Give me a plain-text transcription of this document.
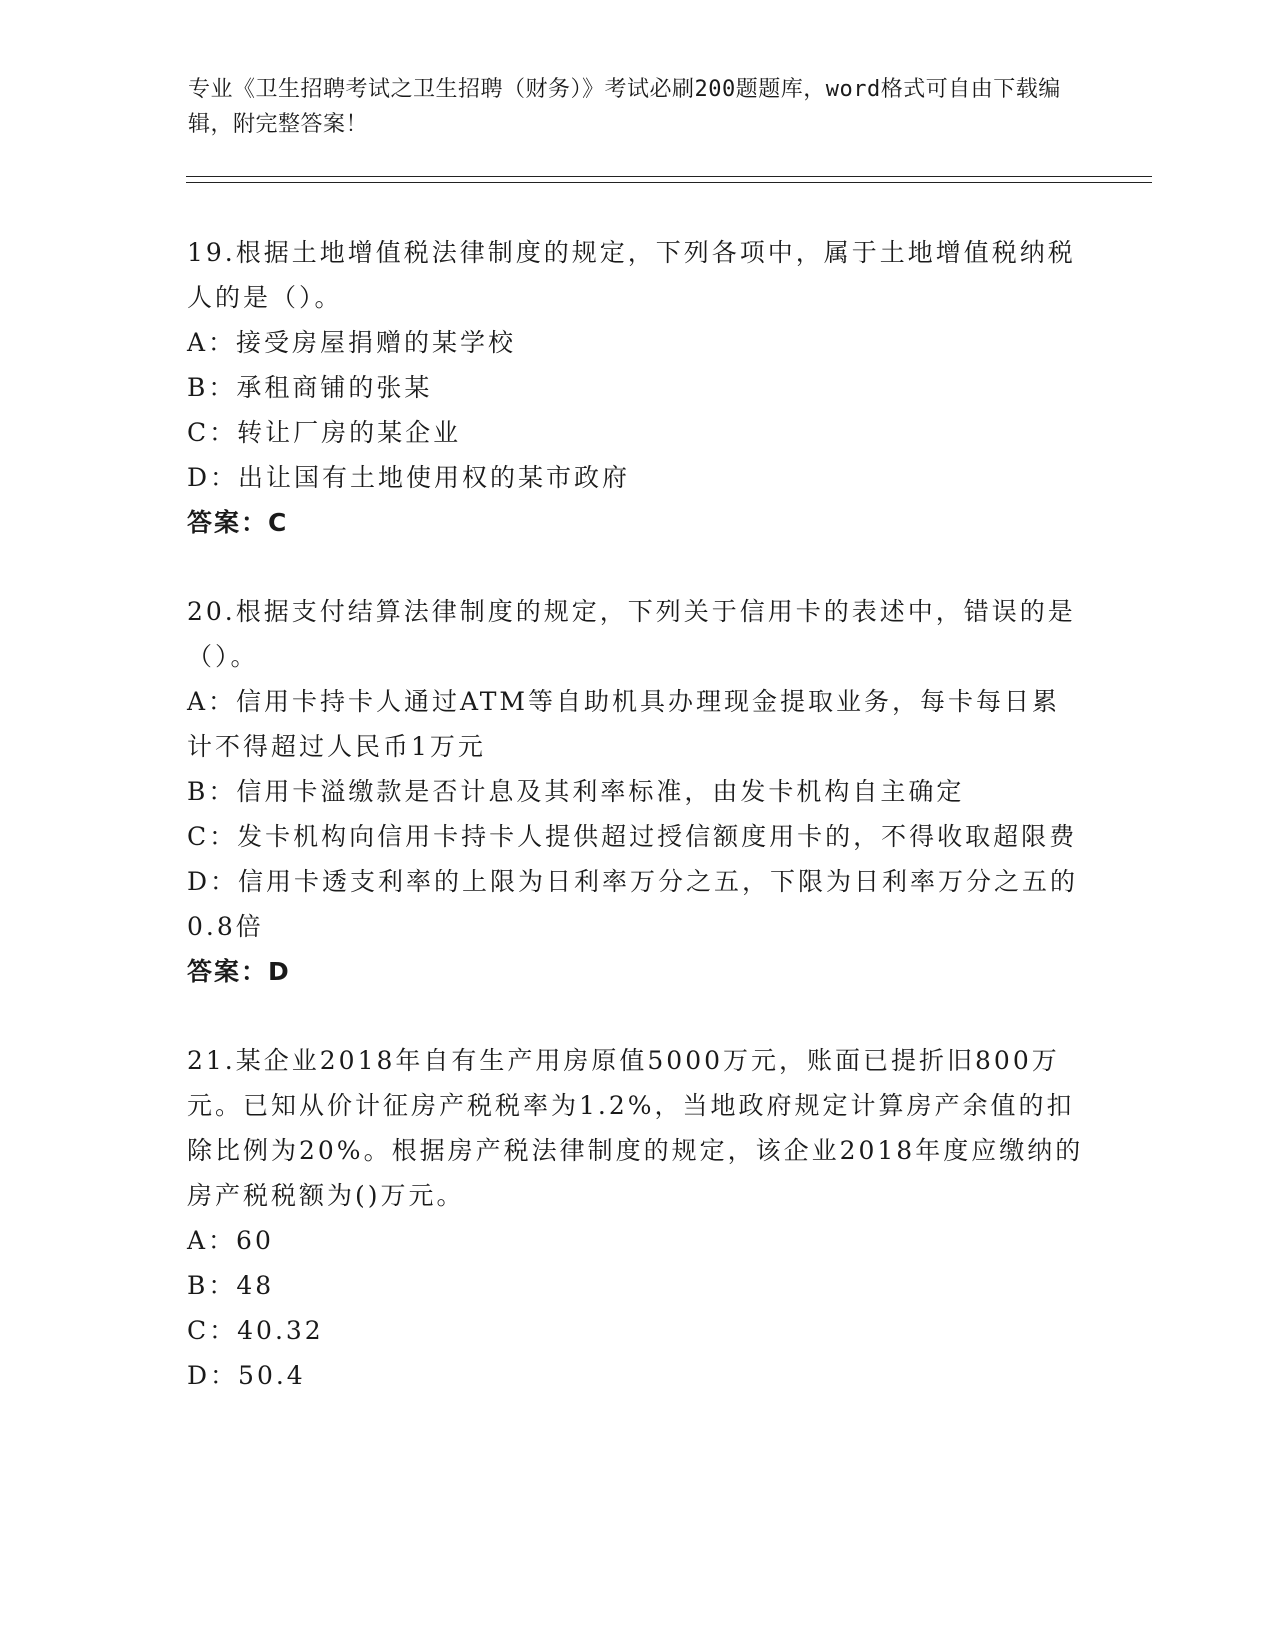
专业《卫生招聘考试之卫生招聘（财务）》考试必刷200题题库，word格式可自由下载编辑，附完整答案！

19.根据土地增值税法律制度的规定，下列各项中，属于土地增值税纳税人的是（）。

A：接受房屋捐赠的某学校

B：承租商铺的张某

C：转让厂房的某企业

D：出让国有土地使用权的某市政府

答案：C

20.根据支付结算法律制度的规定，下列关于信用卡的表述中，错误的是（）。

A：信用卡持卡人通过ATM等自助机具办理现金提取业务，每卡每日累计不得超过人民币1万元

B：信用卡溢缴款是否计息及其利率标准，由发卡机构自主确定

C：发卡机构向信用卡持卡人提供超过授信额度用卡的，不得收取超限费

D：信用卡透支利率的上限为日利率万分之五，下限为日利率万分之五的0.8倍

答案：D

21.某企业2018年自有生产用房原值5000万元，账面已提折旧800万元。已知从价计征房产税税率为1.2%，当地政府规定计算房产余值的扣除比例为20%。根据房产税法律制度的规定，该企业2018年度应缴纳的房产税税额为()万元。

A：60

B：48

C：40.32

D：50.4
